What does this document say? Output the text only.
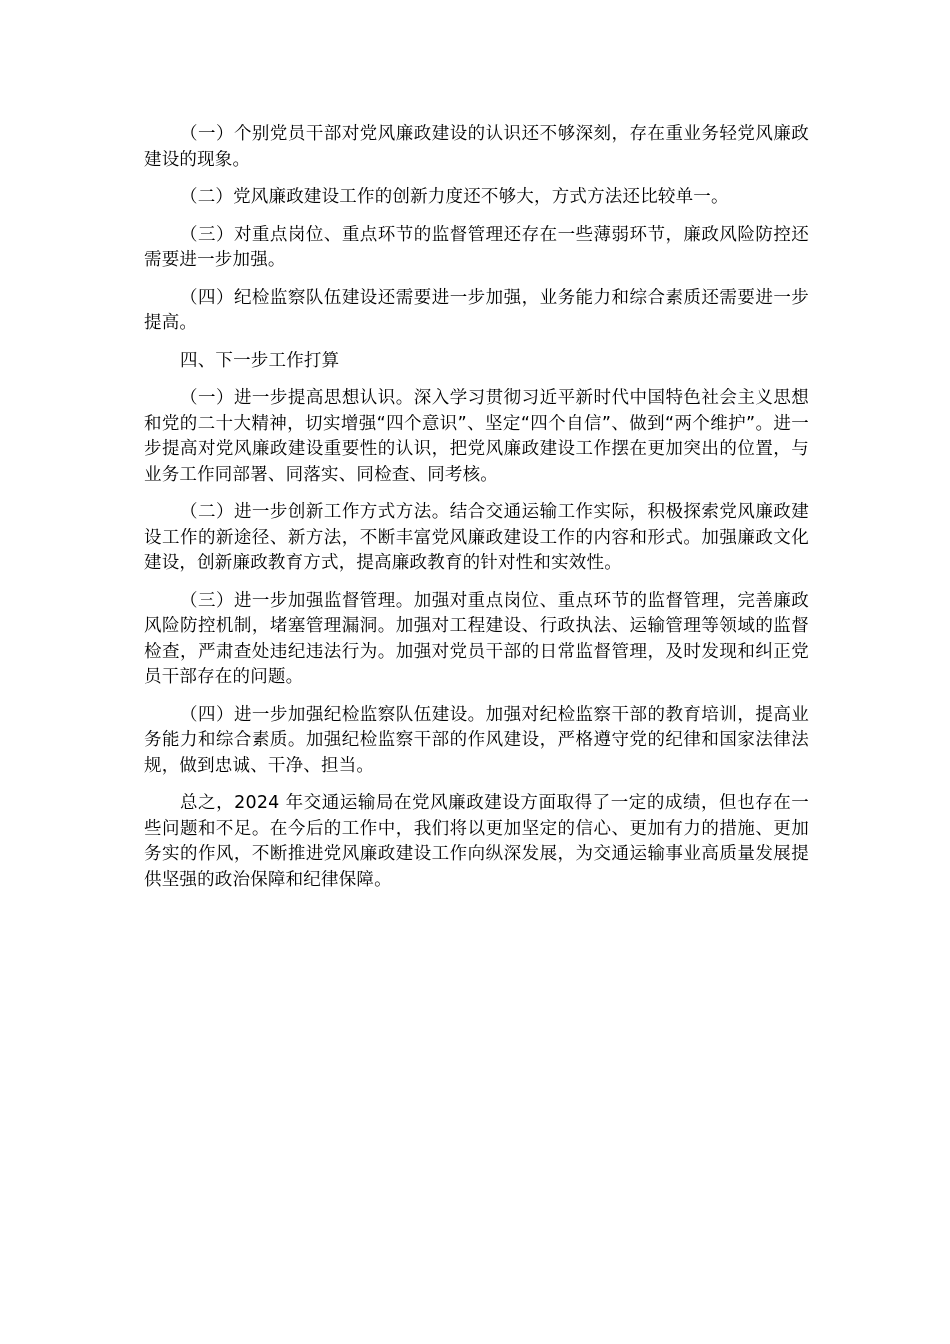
（一）个别党员干部对党风廉政建设的认识还不够深刻，存在重业务轻党风廉政建设的现象。

（二）党风廉政建设工作的创新力度还不够大，方式方法还比较单一。

（三）对重点岗位、重点环节的监督管理还存在一些薄弱环节，廉政风险防控还需要进一步加强。

（四）纪检监察队伍建设还需要进一步加强，业务能力和综合素质还需要进一步提高。

四、下一步工作打算

（一）进一步提高思想认识。深入学习贯彻习近平新时代中国特色社会主义思想和党的二十大精神，切实增强“四个意识”、坚定“四个自信”、做到“两个维护”。进一步提高对党风廉政建设重要性的认识，把党风廉政建设工作摆在更加突出的位置，与业务工作同部署、同落实、同检查、同考核。

（二）进一步创新工作方式方法。结合交通运输工作实际，积极探索党风廉政建设工作的新途径、新方法，不断丰富党风廉政建设工作的内容和形式。加强廉政文化建设，创新廉政教育方式，提高廉政教育的针对性和实效性。

（三）进一步加强监督管理。加强对重点岗位、重点环节的监督管理，完善廉政风险防控机制，堵塞管理漏洞。加强对工程建设、行政执法、运输管理等领域的监督检查，严肃查处违纪违法行为。加强对党员干部的日常监督管理，及时发现和纠正党员干部存在的问题。

（四）进一步加强纪检监察队伍建设。加强对纪检监察干部的教育培训，提高业务能力和综合素质。加强纪检监察干部的作风建设，严格遵守党的纪律和国家法律法规，做到忠诚、干净、担当。

总之，2024 年交通运输局在党风廉政建设方面取得了一定的成绩，但也存在一些问题和不足。在今后的工作中，我们将以更加坚定的信心、更加有力的措施、更加务实的作风，不断推进党风廉政建设工作向纵深发展，为交通运输事业高质量发展提供坚强的政治保障和纪律保障。
